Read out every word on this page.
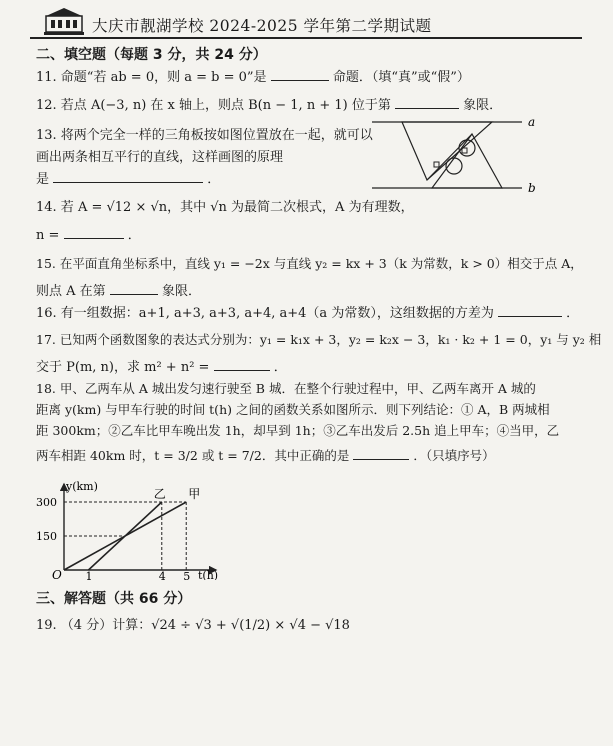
大庆市靓湖学校 2024-2025 学年第二学期试题
二、填空题（每题 3 分，共 24 分）
11. 命题“若 ab = 0，则 a = b = 0”是	命题．（填“真”或“假”）
12. 若点 A(−3, n) 在 x 轴上，则点 B(n − 1, n + 1) 位于第	象限．
13. 将两个完全一样的三角板按如图位置放在一起，就可以
画出两条相互平行的直线，这样画图的原理
是	．
a
b
14. 若 A = √12 × √n，其中 √n 为最简二次根式，A 为有理数，
n =	．
15. 在平面直角坐标系中，直线 y₁ = −2x 与直线 y₂ = kx + 3（k 为常数，k > 0）相交于点 A，
则点 A 在第	象限．
16. 有一组数据：a+1, a+3, a+3, a+4, a+4（a 为常数），这组数据的方差为	．
17. 已知两个函数图象的表达式分别为：y₁ = k₁x + 3，y₂ = k₂x − 3，k₁ · k₂ + 1 = 0，y₁ 与 y₂ 相
交于 P(m, n)，求 m² + n² =	．
18. 甲、乙两车从 A 城出发匀速行驶至 B 城．在整个行驶过程中，甲、乙两车离开 A 城的
距离 y(km) 与甲车行驶的时间 t(h) 之间的函数关系如图所示．则下列结论：① A，B 两城相
距 300km；②乙车比甲车晚出发 1h，却早到 1h；③乙车出发后 2.5h 追上甲车；④当甲，乙
两车相距 40km 时，t = 3/2 或 t = 7/2．其中正确的是	．（只填序号）
乙 甲
1	4 5
150
300
y(km)
t(h)
O
三、解答题（共 66 分）
19. （4 分）计算：√24 ÷ √3 + √(1/2) × √4 − √18
